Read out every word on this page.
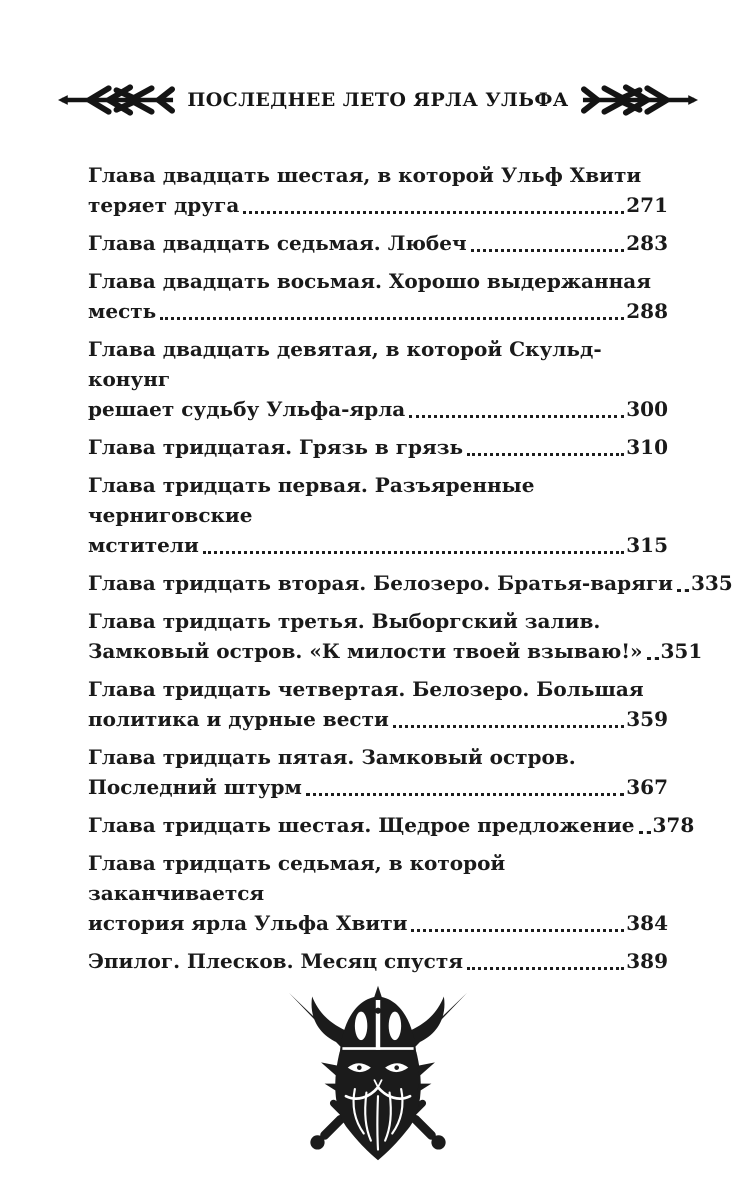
ПОСЛЕДНЕЕ ЛЕТО ЯРЛА УЛЬФА
Глава двадцать шестая, в которой Ульф Хвити
теряет друга	271
Глава двадцать седьмая. Любеч	283
Глава двадцать восьмая. Хорошо выдержанная
месть	288
Глава двадцать девятая, в которой Скульд-конунг
решает судьбу Ульфа-ярла	300
Глава тридцатая. Грязь в грязь	310
Глава тридцать первая. Разъяренные черниговские
мстители	315
Глава тридцать вторая. Белозеро. Братья-варяги 335
Глава тридцать третья. Выборгский залив.
Замковый остров. «К милости твоей взываю!» 351
Глава тридцать четвертая. Белозеро. Большая
политика и дурные вести	359
Глава тридцать пятая. Замковый остров.
Последний штурм	367
Глава тридцать шестая. Щедрое предложение 378
Глава тридцать седьмая, в которой заканчивается
история ярла Ульфа Хвити	384
Эпилог. Плесков. Месяц спустя	389
